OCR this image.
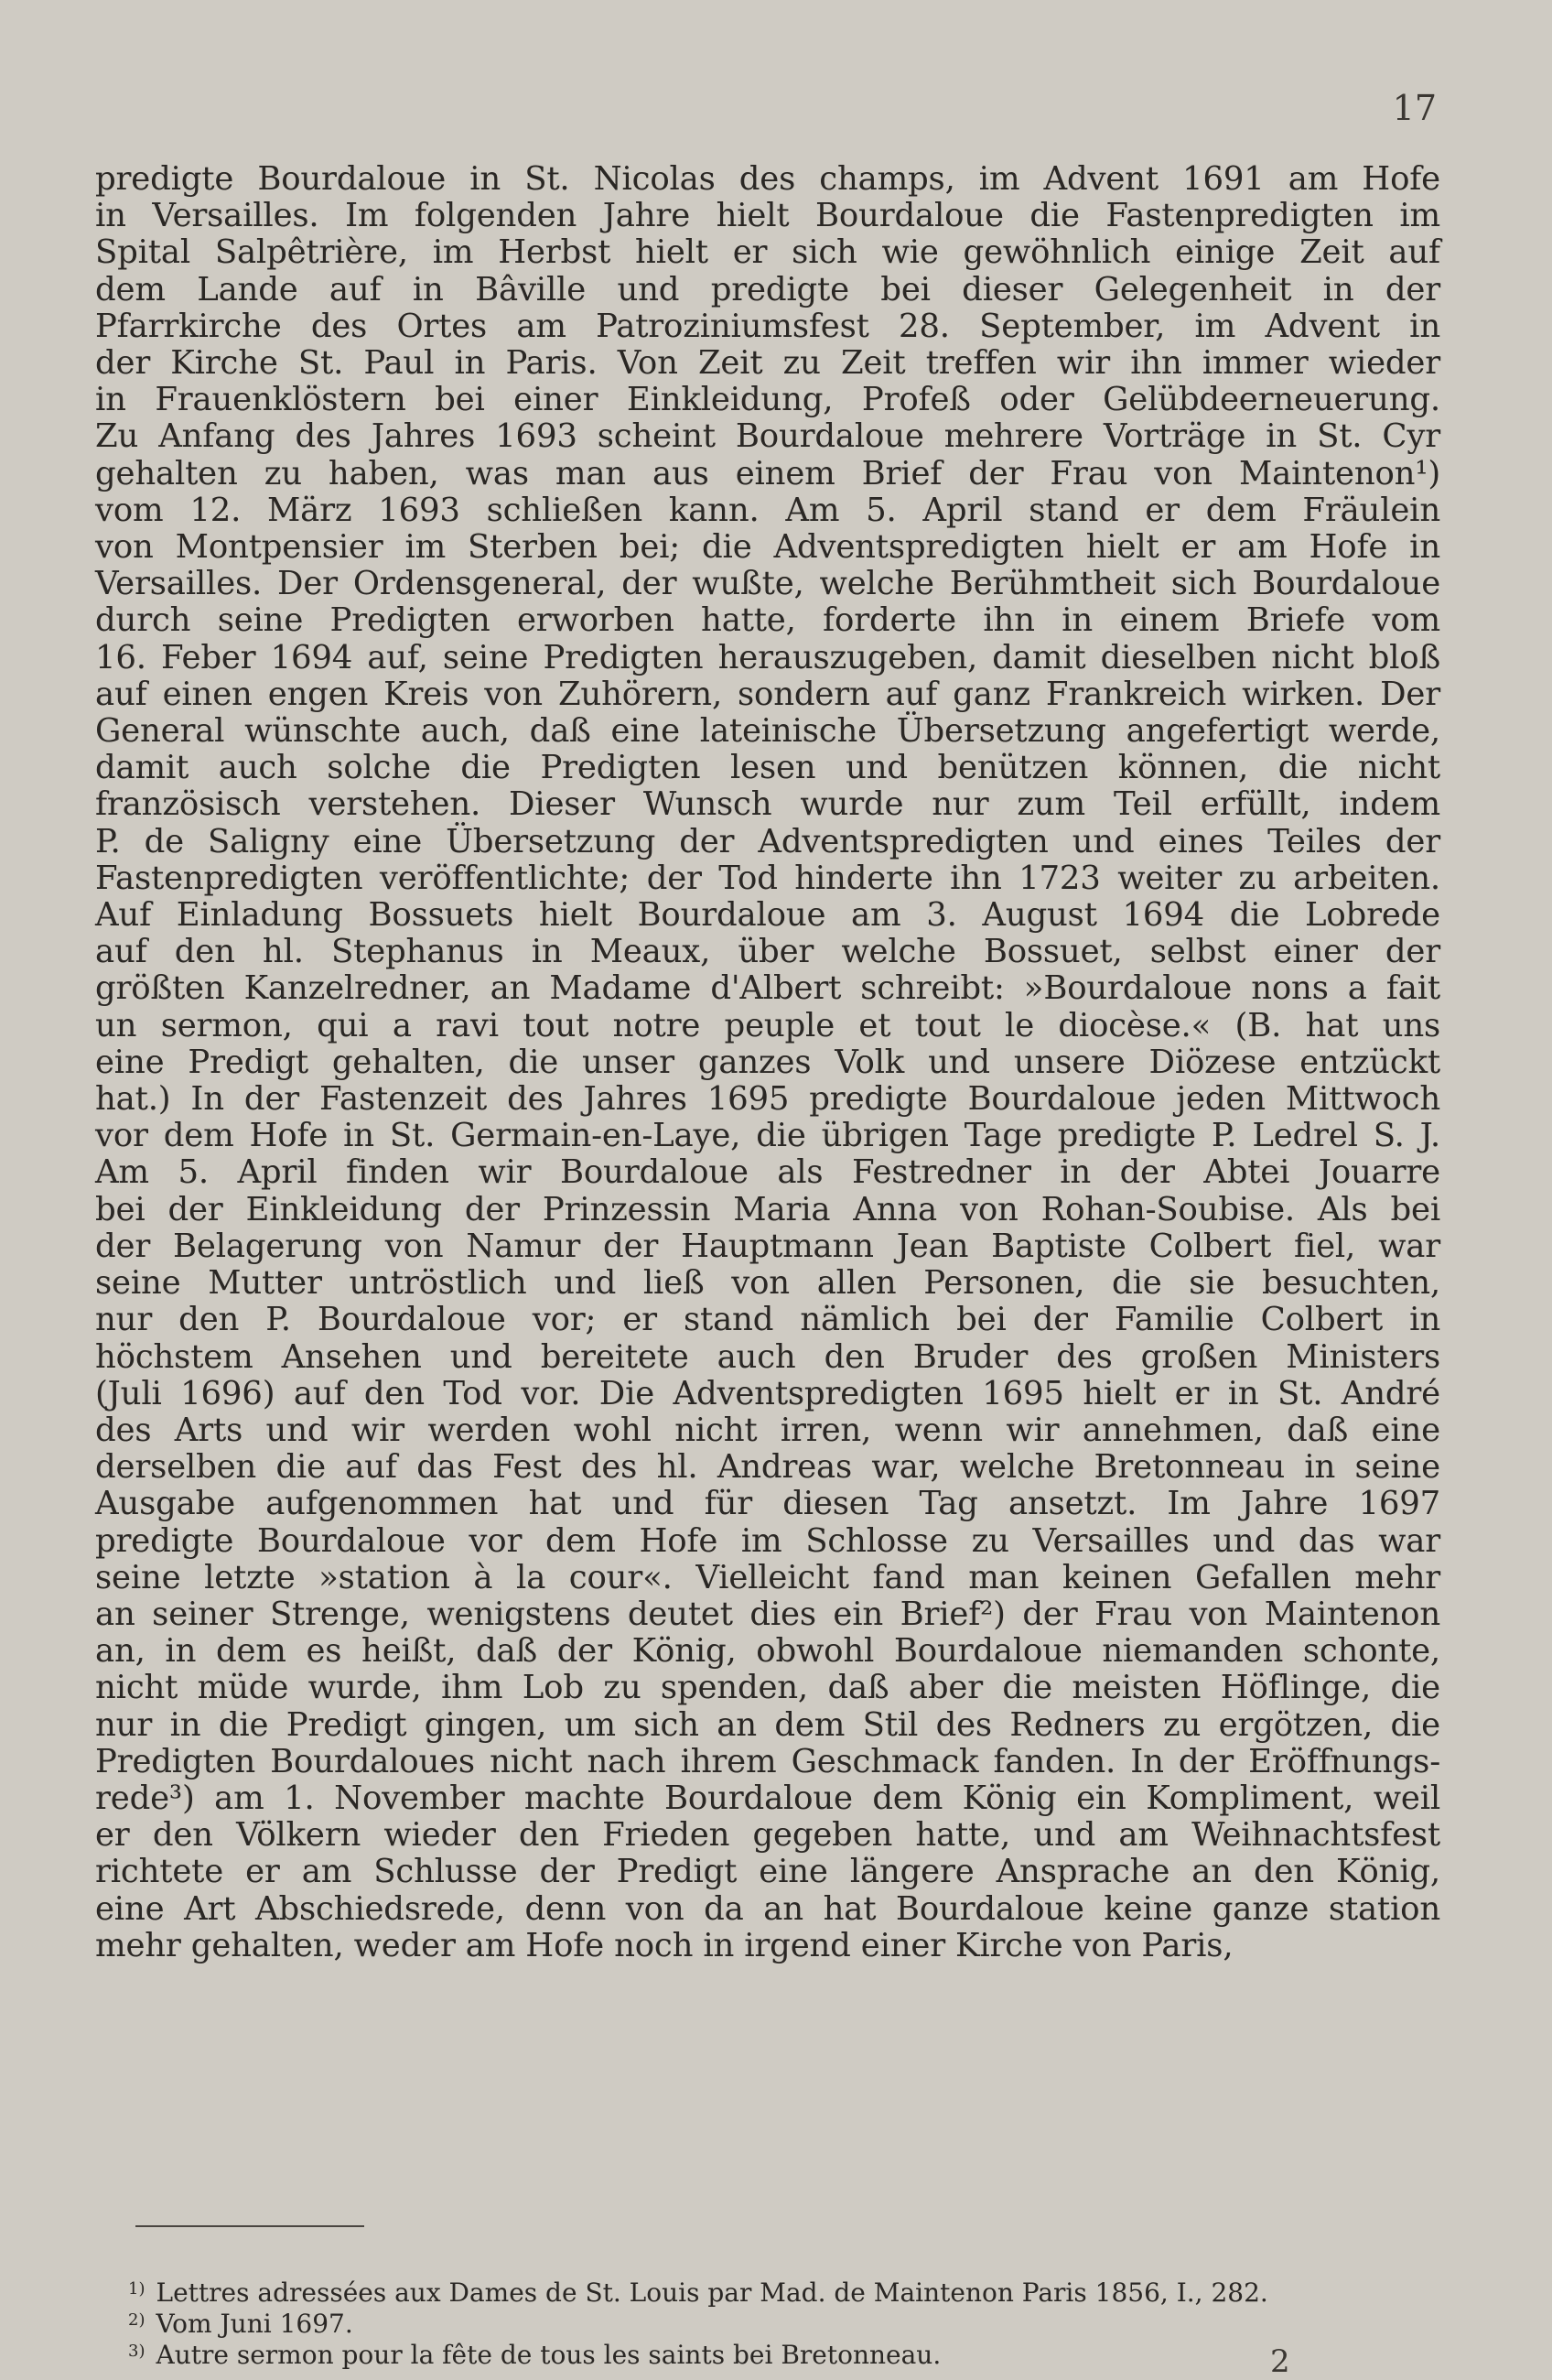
17
predigte Bourdaloue in St. Nicolas des champs, im Advent 1691 am Hofe
in Versailles. Im folgenden Jahre hielt Bourdaloue die Fastenpredigten im
Spital Salpêtrière, im Herbst hielt er sich wie gewöhnlich einige Zeit auf
dem Lande auf in Bâville und predigte bei dieser Gelegenheit in der
Pfarrkirche des Ortes am Patroziniumsfest 28. September, im Advent in
der Kirche St. Paul in Paris. Von Zeit zu Zeit treffen wir ihn immer wieder
in Frauenklöstern bei einer Einkleidung, Profeß oder Gelübdeerneuerung.
Zu Anfang des Jahres 1693 scheint Bourdaloue mehrere Vorträge in St. Cyr
gehalten zu haben, was man aus einem Brief der Frau von Maintenon¹)
vom 12. März 1693 schließen kann. Am 5. April stand er dem Fräulein
von Montpensier im Sterben bei; die Adventspredigten hielt er am Hofe in
Versailles. Der Ordensgeneral, der wußte, welche Berühmtheit sich Bourdaloue
durch seine Predigten erworben hatte, forderte ihn in einem Briefe vom
16. Feber 1694 auf, seine Predigten herauszugeben, damit dieselben nicht bloß
auf einen engen Kreis von Zuhörern, sondern auf ganz Frankreich wirken. Der
General wünschte auch, daß eine lateinische Übersetzung angefertigt werde,
damit auch solche die Predigten lesen und benützen können, die nicht
französisch verstehen. Dieser Wunsch wurde nur zum Teil erfüllt, indem
P. de Saligny eine Übersetzung der Adventspredigten und eines Teiles der
Fastenpredigten veröffentlichte; der Tod hinderte ihn 1723 weiter zu arbeiten.
Auf Einladung Bossuets hielt Bourdaloue am 3. August 1694 die Lobrede
auf den hl. Stephanus in Meaux, über welche Bossuet, selbst einer der
größten Kanzelredner, an Madame d'Albert schreibt: »Bourdaloue nons a fait
un sermon, qui a ravi tout notre peuple et tout le diocèse.« (B. hat uns
eine Predigt gehalten, die unser ganzes Volk und unsere Diözese entzückt
hat.) In der Fastenzeit des Jahres 1695 predigte Bourdaloue jeden Mittwoch
vor dem Hofe in St. Germain-en-Laye, die übrigen Tage predigte P. Ledrel S. J.
Am 5. April finden wir Bourdaloue als Festredner in der Abtei Jouarre
bei der Einkleidung der Prinzessin Maria Anna von Rohan-Soubise. Als bei
der Belagerung von Namur der Hauptmann Jean Baptiste Colbert fiel, war
seine Mutter untröstlich und ließ von allen Personen, die sie besuchten,
nur den P. Bourdaloue vor; er stand nämlich bei der Familie Colbert in
höchstem Ansehen und bereitete auch den Bruder des großen Ministers
(Juli 1696) auf den Tod vor. Die Adventspredigten 1695 hielt er in St. André
des Arts und wir werden wohl nicht irren, wenn wir annehmen, daß eine
derselben die auf das Fest des hl. Andreas war, welche Bretonneau in seine
Ausgabe aufgenommen hat und für diesen Tag ansetzt. Im Jahre 1697
predigte Bourdaloue vor dem Hofe im Schlosse zu Versailles und das war
seine letzte »station à la cour«. Vielleicht fand man keinen Gefallen mehr
an seiner Strenge, wenigstens deutet dies ein Brief²) der Frau von Maintenon
an, in dem es heißt, daß der König, obwohl Bourdaloue niemanden schonte,
nicht müde wurde, ihm Lob zu spenden, daß aber die meisten Höflinge, die
nur in die Predigt gingen, um sich an dem Stil des Redners zu ergötzen, die
Predigten Bourdaloues nicht nach ihrem Geschmack fanden. In der Eröffnungs-
rede³) am 1. November machte Bourdaloue dem König ein Kompliment, weil
er den Völkern wieder den Frieden gegeben hatte, und am Weihnachtsfest
richtete er am Schlusse der Predigt eine längere Ansprache an den König,
eine Art Abschiedsrede, denn von da an hat Bourdaloue keine ganze station
mehr gehalten, weder am Hofe noch in irgend einer Kirche von Paris,
$^{1)}$ Lettres adressées aux Dames de St. Louis par Mad. de Maintenon Paris 1856, I., 282.
$^{2)}$ Vom Juni 1697.
$^{3)}$ Autre sermon pour la fête de tous les saints bei Bretonneau.	2
